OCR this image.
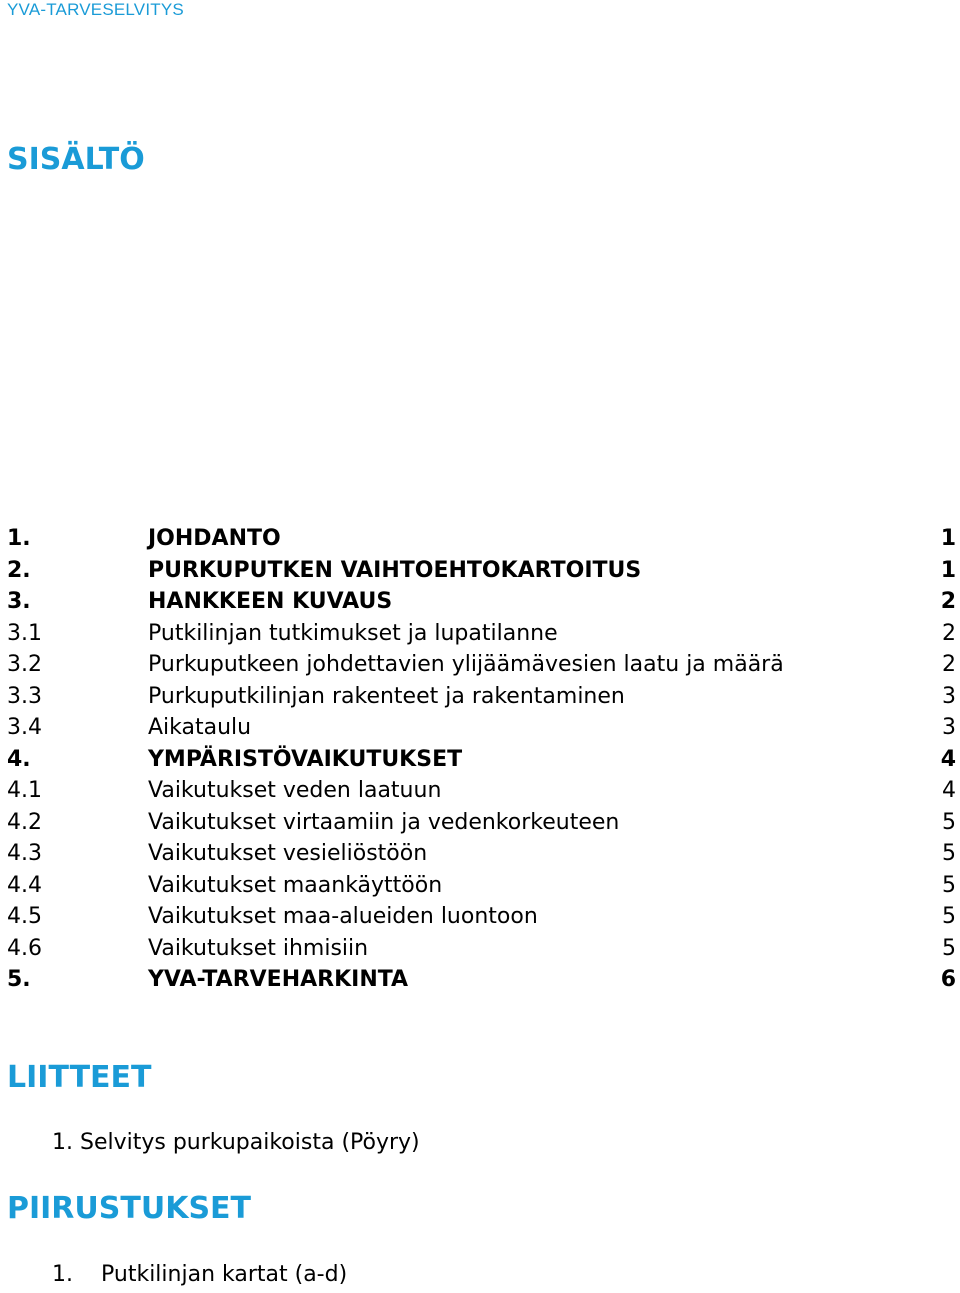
YVA-TARVESELVITYS
SISÄLTÖ
1.	JOHDANTO	1
2.	PURKUPUTKEN VAIHTOEHTOKARTOITUS	1
3.	HANKKEEN KUVAUS	2
3.1	Putkilinjan tutkimukset ja lupatilanne	2
3.2	Purkuputkeen johdettavien ylijäämävesien laatu ja määrä	2
3.3	Purkuputkilinjan rakenteet ja rakentaminen	3
3.4	Aikataulu	3
4.	YMPÄRISTÖVAIKUTUKSET	4
4.1	Vaikutukset veden laatuun	4
4.2	Vaikutukset virtaamiin ja vedenkorkeuteen	5
4.3	Vaikutukset vesieliöstöön	5
4.4	Vaikutukset maankäyttöön	5
4.5	Vaikutukset maa-alueiden luontoon	5
4.6	Vaikutukset ihmisiin	5
5.	YVA-TARVEHARKINTA	6
LIITTEET
1. Selvitys purkupaikoista (Pöyry)
PIIRUSTUKSET
1. Putkilinjan kartat (a-d)
